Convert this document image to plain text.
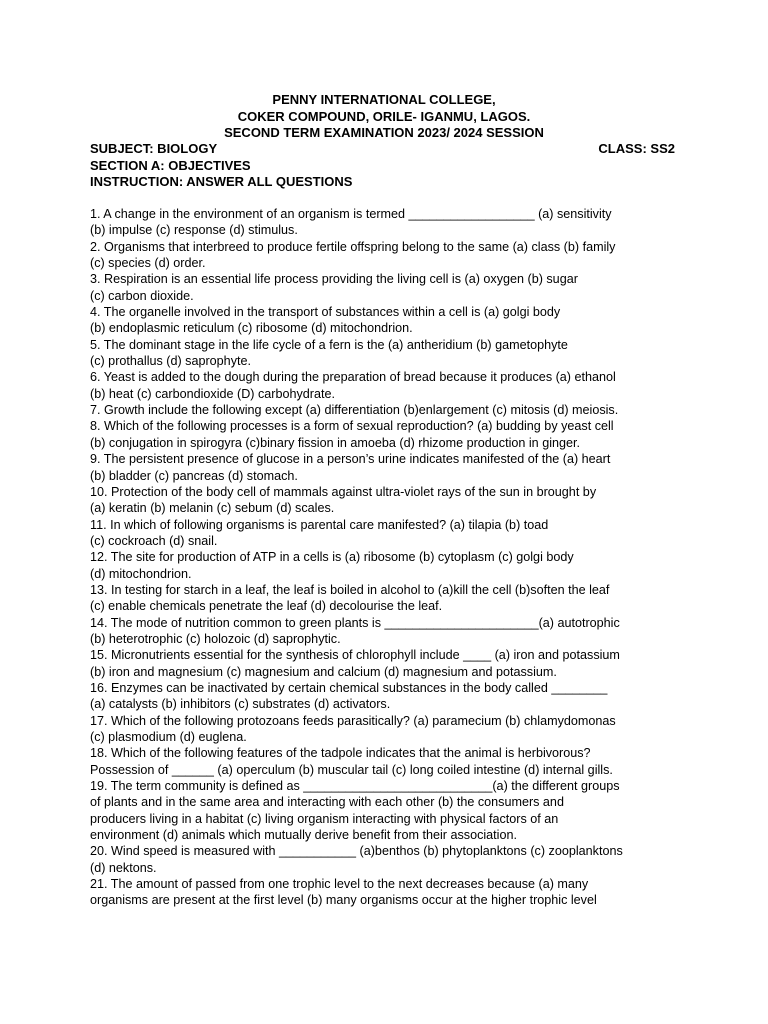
PENNY INTERNATIONAL COLLEGE,
COKER COMPOUND, ORILE- IGANMU, LAGOS.
SECOND TERM EXAMINATION 2023/ 2024 SESSION
SUBJECT: BIOLOGY	CLASS: SS2
SECTION A: OBJECTIVES
INSTRUCTION: ANSWER ALL QUESTIONS
1. A change in the environment of an organism is termed __________________ (a) sensitivity
(b) impulse (c) response (d) stimulus.
2. Organisms that interbreed to produce fertile offspring belong to the same (a) class (b) family
(c) species (d) order.
3. Respiration is an essential life process providing the living cell is (a) oxygen (b) sugar
(c) carbon dioxide.
4. The organelle involved in the transport of substances within a cell is (a) golgi body
(b) endoplasmic reticulum (c) ribosome (d) mitochondrion.
5. The dominant stage in the life cycle of a fern is the (a) antheridium (b) gametophyte
(c) prothallus (d) saprophyte.
6. Yeast is added to the dough during the preparation of bread because it produces (a) ethanol
(b) heat (c) carbondioxide (D) carbohydrate.
7. Growth include the following except (a) differentiation (b)enlargement (c) mitosis (d) meiosis.
8. Which of the following processes is a form of sexual reproduction? (a) budding by yeast cell
(b) conjugation in spirogyra (c)binary fission in amoeba (d) rhizome production in ginger.
9. The persistent presence of glucose in a person’s urine indicates manifested of the (a) heart
(b) bladder (c) pancreas (d) stomach.
10. Protection of the body cell of mammals against ultra-violet rays of the sun in brought by
(a) keratin (b) melanin (c) sebum (d) scales.
11. In which of following organisms is parental care manifested? (a) tilapia (b) toad
(c) cockroach (d) snail.
12. The site for production of ATP in a cells is (a) ribosome (b) cytoplasm (c) golgi body
(d) mitochondrion.
13. In testing for starch in a leaf, the leaf is boiled in alcohol to (a)kill the cell (b)soften the leaf
(c) enable chemicals penetrate the leaf (d) decolourise the leaf.
14. The mode of nutrition common to green plants is ______________________(a) autotrophic
(b) heterotrophic (c) holozoic (d) saprophytic.
15. Micronutrients essential for the synthesis of chlorophyll include ____ (a) iron and potassium
(b) iron and magnesium (c) magnesium and calcium (d) magnesium and potassium.
16. Enzymes can be inactivated by certain chemical substances in the body called ________
(a) catalysts (b) inhibitors (c) substrates (d) activators.
17. Which of the following protozoans feeds parasitically? (a) paramecium (b) chlamydomonas
(c) plasmodium (d) euglena.
18. Which of the following features of the tadpole indicates that the animal is herbivorous?
Possession of ______ (a) operculum (b) muscular tail (c) long coiled intestine (d) internal gills.
19. The term community is defined as ___________________________(a) the different groups
of plants and in the same area and interacting with each other (b) the consumers and
producers living in a habitat (c) living organism interacting with physical factors of an
environment (d) animals which mutually derive benefit from their association.
20. Wind speed is measured with ___________ (a)benthos (b) phytoplanktons (c) zooplanktons
(d) nektons.
21. The amount of passed from one trophic level to the next decreases because (a) many
organisms are present at the first level (b) many organisms occur at the higher trophic level
